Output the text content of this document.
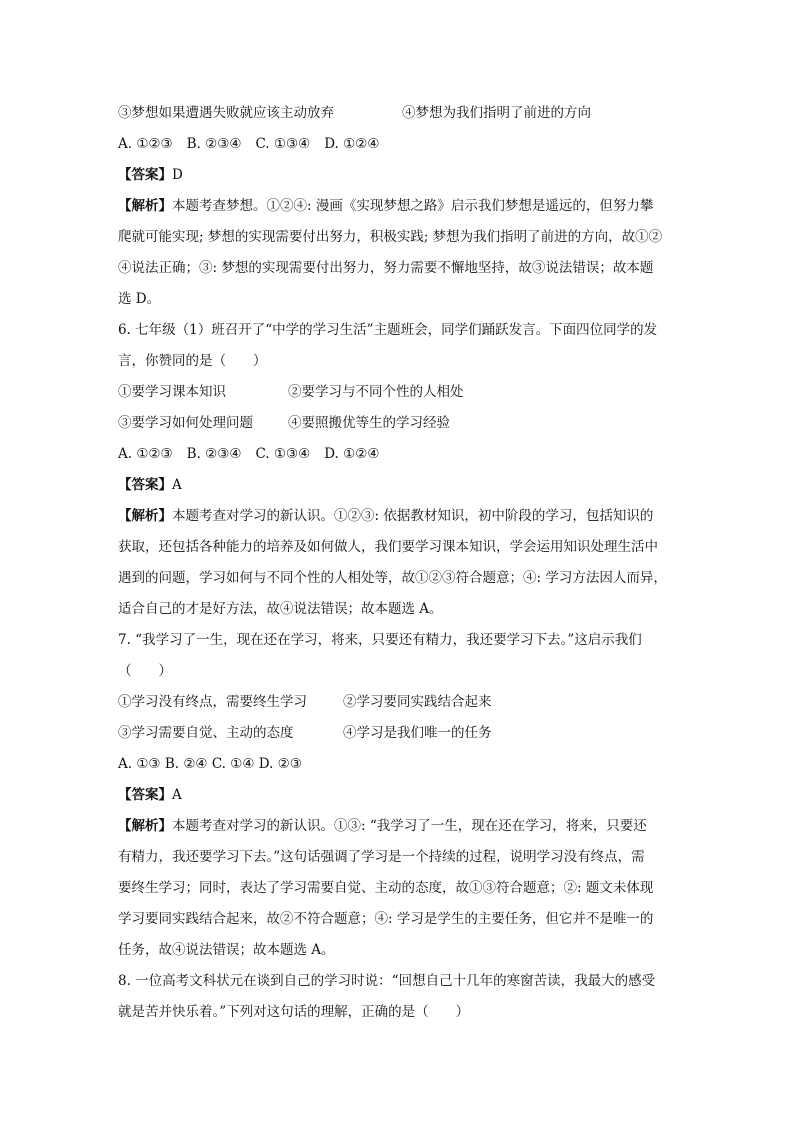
③梦想如果遭遇失败就应该主动放弃	④梦想为我们指明了前进的方向
A. ①②③ B. ②③④ C. ①③④ D. ①②④
【答案】D
【解析】本题考查梦想。①②④: 漫画《实现梦想之路》启示我们梦想是遥远的，但努力攀
爬就可能实现; 梦想的实现需要付出努力，积极实践; 梦想为我们指明了前进的方向，故①②
④说法正确；③: 梦想的实现需要付出努力，努力需要不懈地坚持，故③说法错误；故本题
选 D。
6. 七年级（1）班召开了“中学的学习生活”主题班会，同学们踊跃发言。下面四位同学的发
言，你赞同的是（　　）
①要学习课本知识	②要学习与不同个性的人相处
③要学习如何处理问题	④要照搬优等生的学习经验
A. ①②③ B. ②③④ C. ①③④ D. ①②④
【答案】A
【解析】本题考查对学习的新认识。①②③: 依据教材知识，初中阶段的学习，包括知识的
获取，还包括各种能力的培养及如何做人，我们要学习课本知识，学会运用知识处理生活中
遇到的问题，学习如何与不同个性的人相处等，故①②③符合题意；④: 学习方法因人而异，
适合自己的才是好方法，故④说法错误；故本题选 A。
7. “我学习了一生，现在还在学习，将来，只要还有精力，我还要学习下去。”这启示我们
（　　）
①学习没有终点，需要终生学习	②学习要同实践结合起来
③学习需要自觉、主动的态度	④学习是我们唯一的任务
A. ①③ B. ②④ C. ①④ D. ②③
【答案】A
【解析】本题考查对学习的新认识。①③: “我学习了一生，现在还在学习，将来，只要还
有精力，我还要学习下去。”这句话强调了学习是一个持续的过程，说明学习没有终点，需
要终生学习；同时，表达了学习需要自觉、主动的态度，故①③符合题意；②: 题文未体现
学习要同实践结合起来，故②不符合题意；④: 学习是学生的主要任务，但它并不是唯一的
任务，故④说法错误；故本题选 A。
8. 一位高考文科状元在谈到自己的学习时说：“回想自己十几年的寒窗苦读，我最大的感受
就是苦并快乐着。”下列对这句话的理解，正确的是（　　）
